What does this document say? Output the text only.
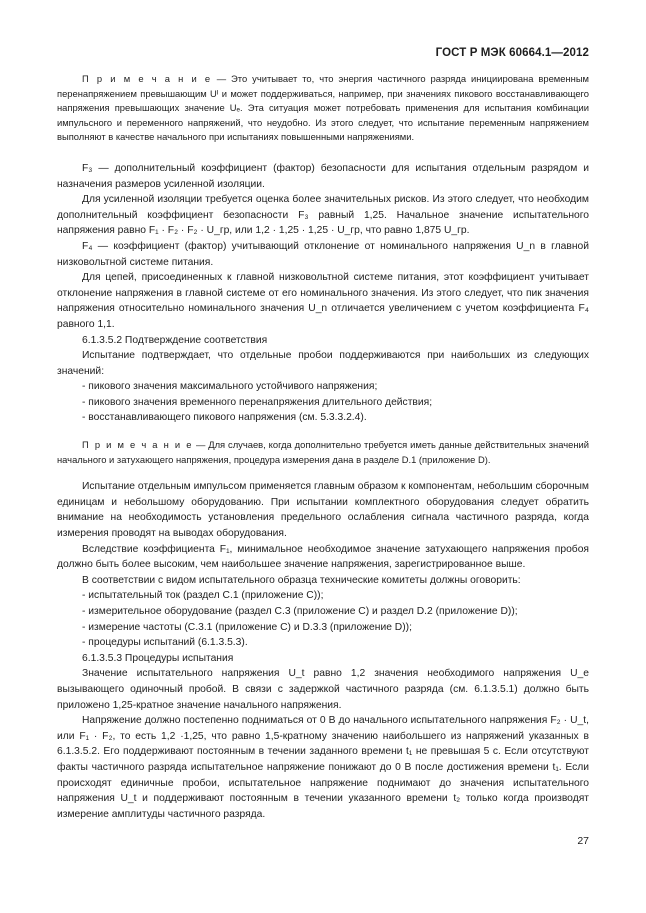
ГОСТ Р МЭК 60664.1—2012

П р и м е ч а н и е — Это учитывает то, что энергия частичного разряда инициирована временным перенапряжением превышающим Uᴵ и может поддерживаться, например, при значениях пикового восстанавливающего напряжения превышающих значение Uₑ. Эта ситуация может потребовать применения для испытания комбинации импульсного и переменного напряжений, что неудобно. Из этого следует, что испытание переменным напряжением выполняют в качестве начального при испытаниях повышенными напряжениями.

F₃ — дополнительный коэффициент (фактор) безопасности для испытания отдельным разрядом и назначения размеров усиленной изоляции.

Для усиленной изоляции требуется оценка более значительных рисков. Из этого следует, что необходим дополнительный коэффициент безопасности F₃ равный 1,25. Начальное значение испытательного напряжения равно F₁ · F₂ · F₂ · U_гр, или 1,2 · 1,25 · 1,25 · U_гр, что равно 1,875 U_гр.

F₄ — коэффициент (фактор) учитывающий отклонение от номинального напряжения U_n в главной низковольтной системе питания.

Для цепей, присоединенных к главной низковольтной системе питания, этот коэффициент учитывает отклонение напряжения в главной системе от его номинального значения. Из этого следует, что пик значения напряжения относительно номинального значения U_n отличается увеличением с учетом коэффициента F₄ равного 1,1.

6.1.3.5.2 Подтверждение соответствия

Испытание подтверждает, что отдельные пробои поддерживаются при наибольших из следующих значений:

- пикового значения максимального устойчивого напряжения;

- пикового значения временного перенапряжения длительного действия;

- восстанавливающего пикового напряжения (см. 5.3.3.2.4).

П р и м е ч а н и е — Для случаев, когда дополнительно требуется иметь данные действительных значений начального и затухающего напряжения, процедура измерения дана в разделе D.1 (приложение D).

Испытание отдельным импульсом применяется главным образом к компонентам, небольшим сборочным единицам и небольшому оборудованию. При испытании комплектного оборудования следует обратить внимание на необходимость установления предельного ослабления сигнала частичного разряда, когда измерения проводят на выводах оборудования.

Вследствие коэффициента F₁, минимальное необходимое значение затухающего напряжения пробоя должно быть более высоким, чем наибольшее значение напряжения, зарегистрированное выше.

В соответствии с видом испытательного образца технические комитеты должны оговорить:

- испытательный ток (раздел С.1 (приложение С));

- измерительное оборудование (раздел С.3 (приложение С) и раздел D.2 (приложение D));

- измерение частоты (С.3.1 (приложение С) и D.3.3 (приложение D));

- процедуры испытаний (6.1.3.5.3).

6.1.3.5.3 Процедуры испытания

Значение испытательного напряжения U_t равно 1,2 значения необходимого напряжения U_e вызывающего одиночный пробой. В связи с задержкой частичного разряда (см. 6.1.3.5.1) должно быть приложено 1,25-кратное значение начального напряжения.

Напряжение должно постепенно подниматься от 0 В до начального испытательного напряжения F₂ · U_t, или F₁ · F₂, то есть 1,2 ·1,25, что равно 1,5-кратному значению наибольшего из напряжений указанных в 6.1.3.5.2. Его поддерживают постоянным в течении заданного времени t₁ не превышая 5 с. Если отсутствуют факты частичного разряда испытательное напряжение понижают до 0 В после достижения времени t₁. Если происходят единичные пробои, испытательное напряжение поднимают до значения испытательного напряжения U_t и поддерживают постоянным в течении указанного времени t₂ только когда производят измерение амплитуды частичного разряда.

27
